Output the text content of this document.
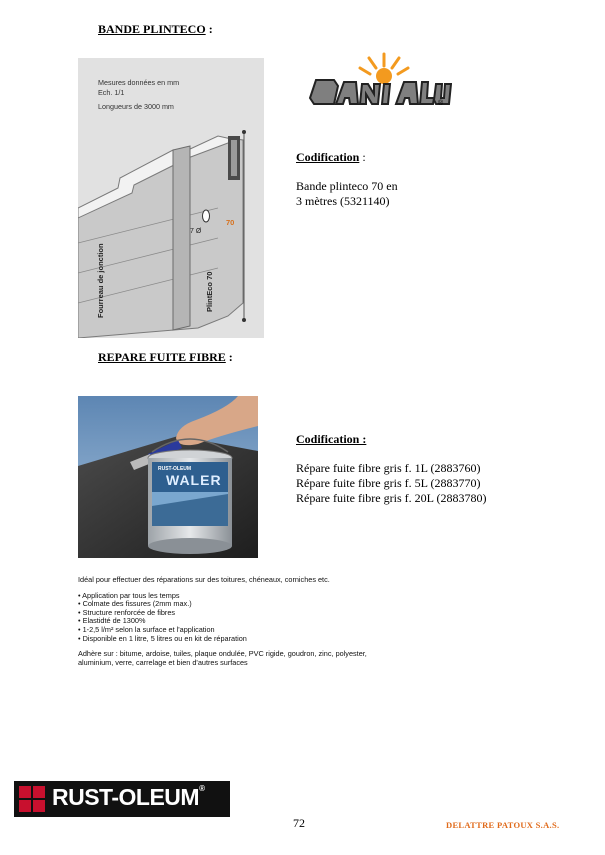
BANDE PLINTECO :
Mesures données en mm
Ech. 1/1
Longueurs de 3000 mm
70
7 Ø
Fourreau de jonction	PlintEco 70
®
Codification :
Bande plinteco 70 en
3 mètres (5321140)
REPARE FUITE FIBRE :
RUST-OLEUM
WALER
Codification :
Répare fuite fibre gris f. 1L (2883760)
Répare fuite fibre gris f. 5L (2883770)
Répare fuite fibre gris f. 20L (2883780)

Idéal pour effectuer des réparations sur des toitures, chéneaux, corniches etc.

• Application par tous les temps

• Colmate des fissures (2mm max.)

• Structure renforcée de fibres

• Elastidté de 1300%

• 1-2,5 l/m² selon la surface et l'application

• Disponible en 1 litre, 5 litres ou en kit de réparation

Adhère sur : bitume, ardoise, tuiles, plaque ondulée, PVC rigide, goudron, zinc, polyester,

aluminium, verre, carrelage et bien d'autres surfaces

RUST-OLEUM®
72	DELATTRE PATOUX S.A.S.
